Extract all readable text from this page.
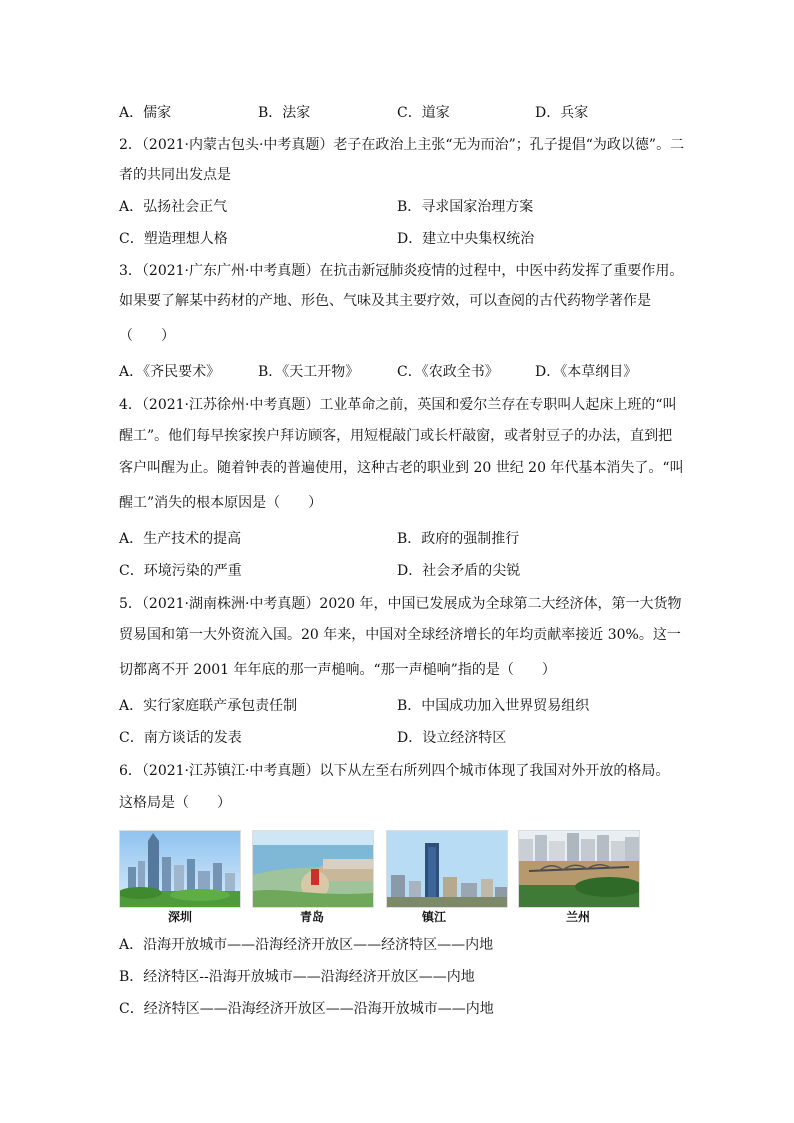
A．儒家	B．法家	C．道家	D．兵家
2．（2021·内蒙古包头·中考真题）老子在政治上主张“无为而治”；孔子提倡“为政以德”。二
者的共同出发点是
A．弘扬社会正气	B．寻求国家治理方案
C．塑造理想人格	D．建立中央集权统治
3．（2021·广东广州·中考真题）在抗击新冠肺炎疫情的过程中，中医中药发挥了重要作用。
如果要了解某中药材的产地、形色、气味及其主要疗效，可以查阅的古代药物学著作是
（　　）
A．《齐民要术》	B．《天工开物》	C．《农政全书》	D．《本草纲目》
4．（2021·江苏徐州·中考真题）工业革命之前，英国和爱尔兰存在专职叫人起床上班的“叫
醒工”。他们每早挨家挨户拜访顾客，用短棍敲门或长杆敲窗，或者射豆子的办法，直到把
客户叫醒为止。随着钟表的普遍使用，这种古老的职业到 20 世纪 20 年代基本消失了。“叫
醒工”消失的根本原因是（　　）
A．生产技术的提高	B．政府的强制推行
C．环境污染的严重	D．社会矛盾的尖锐
5．（2021·湖南株洲·中考真题）2020 年，中国已发展成为全球第二大经济体，第一大货物
贸易国和第一大外资流入国。20 年来，中国对全球经济增长的年均贡献率接近 30%。这一
切都离不开 2001 年年底的那一声槌响。“那一声槌响”指的是（　　）
A．实行家庭联产承包责任制	B．中国成功加入世界贸易组织
C．南方谈话的发表	D．设立经济特区
6．（2021·江苏镇江·中考真题）以下从左至右所列四个城市体现了我国对外开放的格局。
这格局是（　　）
深圳	青岛	镇江	兰州
A．沿海开放城市——沿海经济开放区——经济特区——内地
B．经济特区--沿海开放城市——沿海经济开放区——内地
C．经济特区——沿海经济开放区——沿海开放城市——内地
